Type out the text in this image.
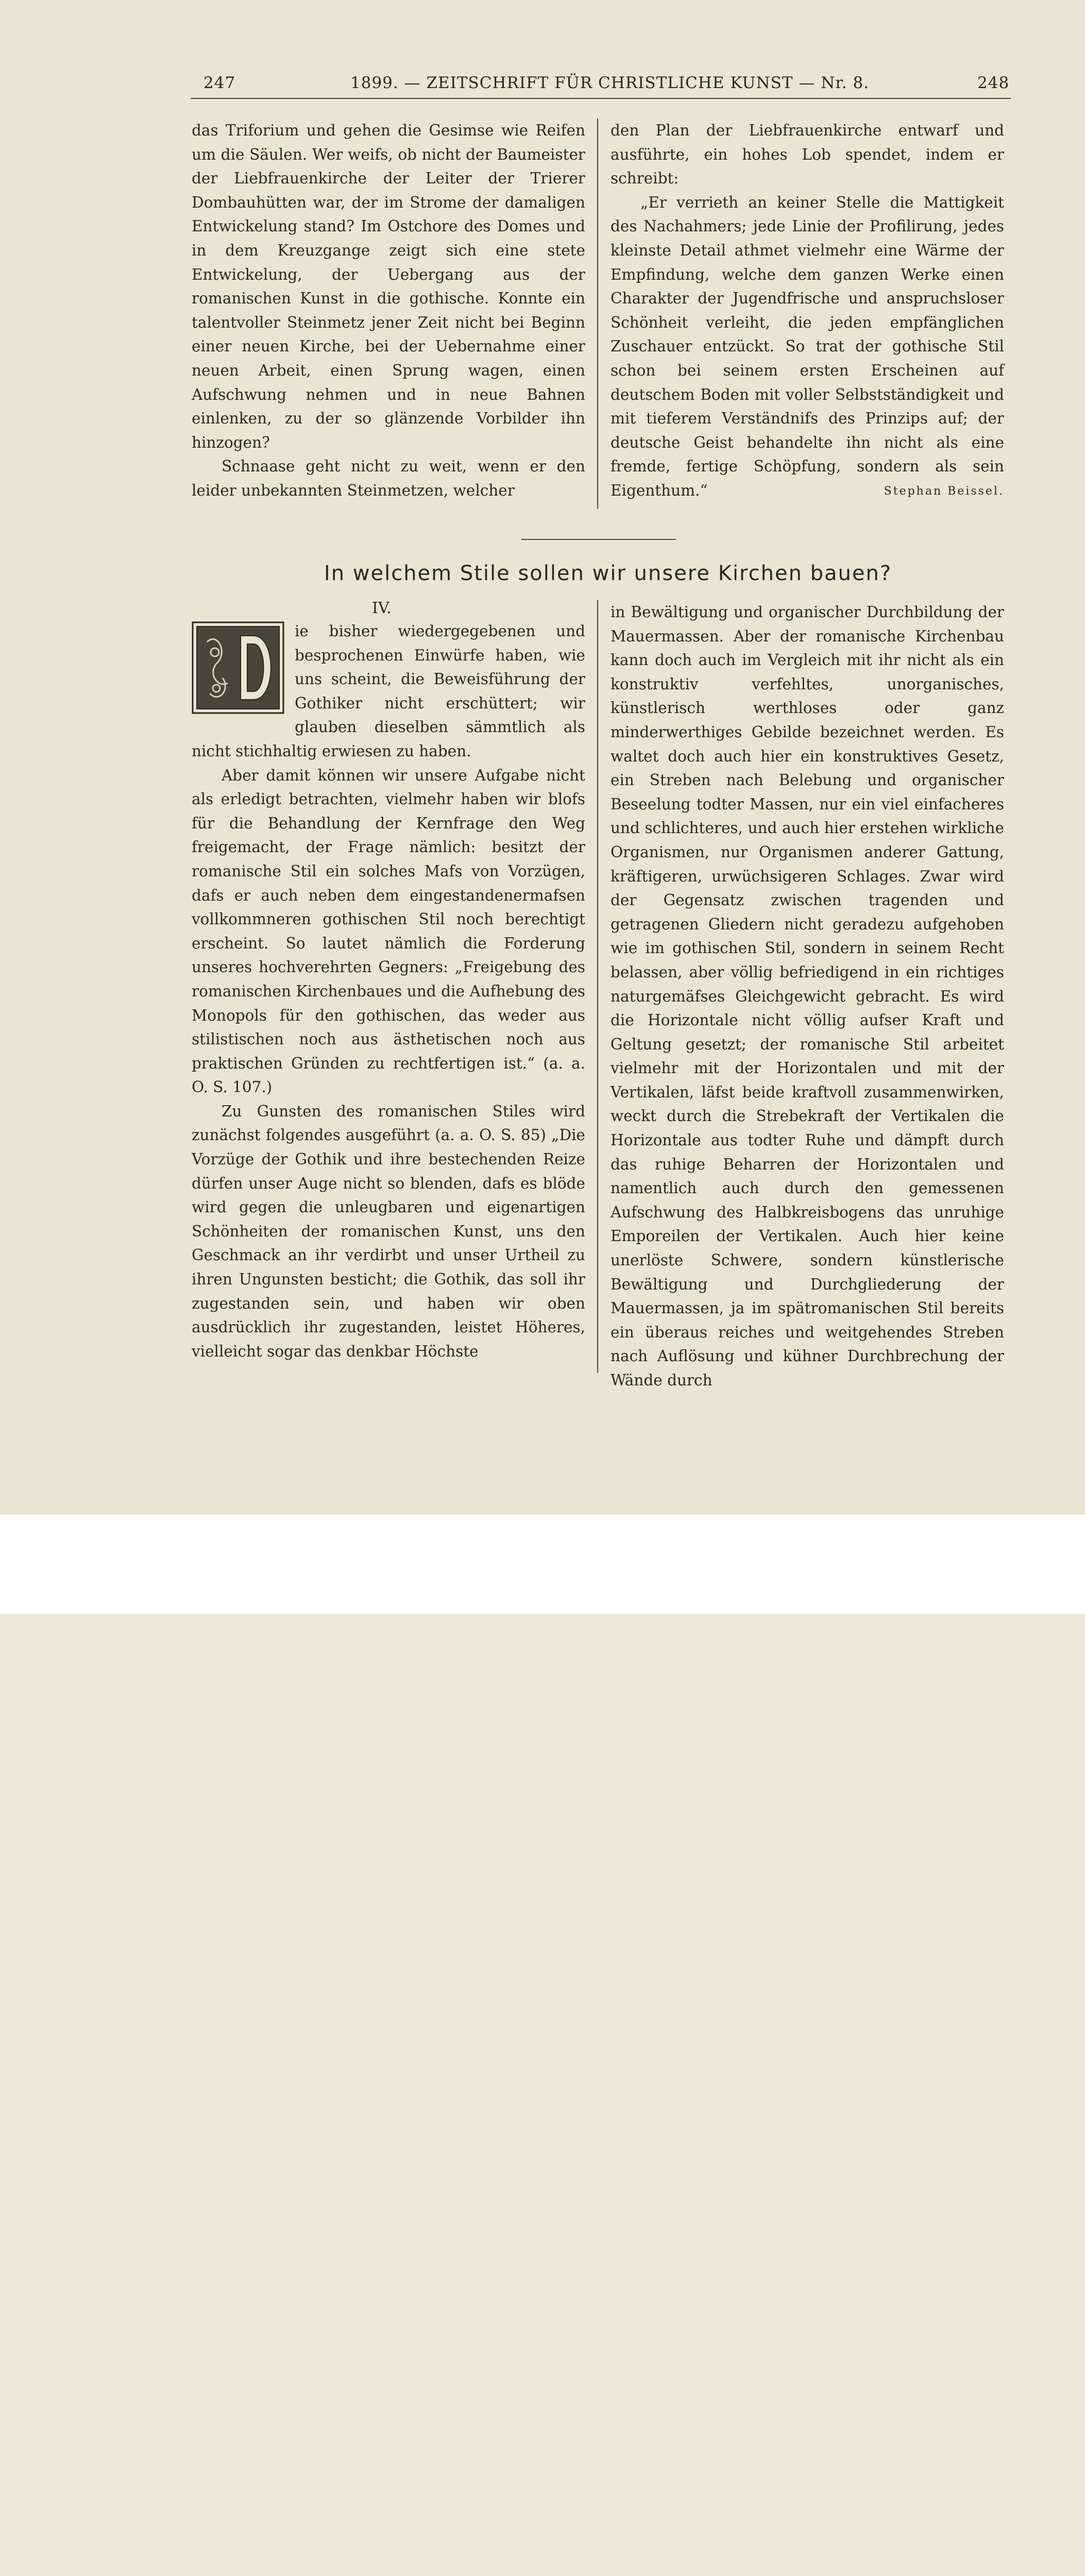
247	1899. — ZEITSCHRIFT FÜR CHRISTLICHE KUNST — Nr. 8.	248

das Triforium und gehen die Gesimse wie Reifen um die Säulen. Wer weifs, ob nicht der Baumeister der Liebfrauenkirche der Leiter der Trierer Dombauhütten war, der im Strome der damaligen Entwickelung stand? Im Ostchore des Domes und in dem Kreuzgange zeigt sich eine stete Entwickelung, der Uebergang aus der romanischen Kunst in die gothische. Konnte ein talentvoller Steinmetz jener Zeit nicht bei Beginn einer neuen Kirche, bei der Uebernahme einer neuen Arbeit, einen Sprung wagen, einen Aufschwung nehmen und in neue Bahnen einlenken, zu der so glänzende Vorbilder ihn hinzogen?

Schnaase geht nicht zu weit, wenn er den leider unbekannten Steinmetzen, welcher

den Plan der Liebfrauenkirche entwarf und ausführte, ein hohes Lob spendet, indem er schreibt:

„Er verrieth an keiner Stelle die Mattigkeit des Nachahmers; jede Linie der Profilirung, jedes kleinste Detail athmet vielmehr eine Wärme der Empfindung, welche dem ganzen Werke einen Charakter der Jugendfrische und anspruchsloser Schönheit verleiht, die jeden empfänglichen Zuschauer entzückt. So trat der gothische Stil schon bei seinem ersten Erscheinen auf deutschem Boden mit voller Selbstständigkeit und mit tieferem Verständnifs des Prinzips auf; der deutsche Geist behandelte ihn nicht als eine fremde, fertige Schöpfung, sondern als sein Eigenthum.“	Stephan Beissel.

In welchem Stile sollen wir unsere Kirchen bauen?
IV.
D

ie bisher wiedergegebenen und besprochenen Einwürfe haben, wie uns scheint, die Beweisführung der Gothiker nicht erschüttert; wir glauben dieselben sämmtlich als nicht stichhaltig erwiesen zu haben.

Aber damit können wir unsere Aufgabe nicht als erledigt betrachten, vielmehr haben wir blofs für die Behandlung der Kernfrage den Weg freigemacht, der Frage nämlich: besitzt der romanische Stil ein solches Mafs von Vorzügen, dafs er auch neben dem eingestandenermafsen vollkommneren gothischen Stil noch berechtigt erscheint. So lautet nämlich die Forderung unseres hochverehrten Gegners: „Freigebung des romanischen Kirchenbaues und die Aufhebung des Monopols für den gothischen, das weder aus stilistischen noch aus ästhetischen noch aus praktischen Gründen zu rechtfertigen ist.“ (a. a. O. S. 107.)

Zu Gunsten des romanischen Stiles wird zunächst folgendes ausgeführt (a. a. O. S. 85) „Die Vorzüge der Gothik und ihre bestechenden Reize dürfen unser Auge nicht so blenden, dafs es blöde wird gegen die unleugbaren und eigenartigen Schönheiten der romanischen Kunst, uns den Geschmack an ihr verdirbt und unser Urtheil zu ihren Ungunsten besticht; die Gothik, das soll ihr zugestanden sein, und haben wir oben ausdrücklich ihr zugestanden, leistet Höheres, vielleicht sogar das denkbar Höchste

in Bewältigung und organischer Durchbildung der Mauermassen. Aber der romanische Kirchenbau kann doch auch im Vergleich mit ihr nicht als ein konstruktiv verfehltes, unorganisches, künstlerisch werthloses oder ganz minderwerthiges Gebilde bezeichnet werden. Es waltet doch auch hier ein konstruktives Gesetz, ein Streben nach Belebung und organischer Beseelung todter Massen, nur ein viel einfacheres und schlichteres, und auch hier erstehen wirkliche Organismen, nur Organismen anderer Gattung, kräftigeren, urwüchsigeren Schlages. Zwar wird der Gegensatz zwischen tragenden und getragenen Gliedern nicht geradezu aufgehoben wie im gothischen Stil, sondern in seinem Recht belassen, aber völlig befriedigend in ein richtiges naturgemäfses Gleichgewicht gebracht. Es wird die Horizontale nicht völlig aufser Kraft und Geltung gesetzt; der romanische Stil arbeitet vielmehr mit der Horizontalen und mit der Vertikalen, läfst beide kraftvoll zusammenwirken, weckt durch die Strebekraft der Vertikalen die Horizontale aus todter Ruhe und dämpft durch das ruhige Beharren der Horizontalen und namentlich auch durch den gemessenen Aufschwung des Halbkreisbogens das unruhige Emporeilen der Vertikalen. Auch hier keine unerlöste Schwere, sondern künstlerische Bewältigung und Durchgliederung der Mauermassen, ja im spätromanischen Stil bereits ein überaus reiches und weitgehendes Streben nach Auflösung und kühner Durchbrechung der Wände durch
